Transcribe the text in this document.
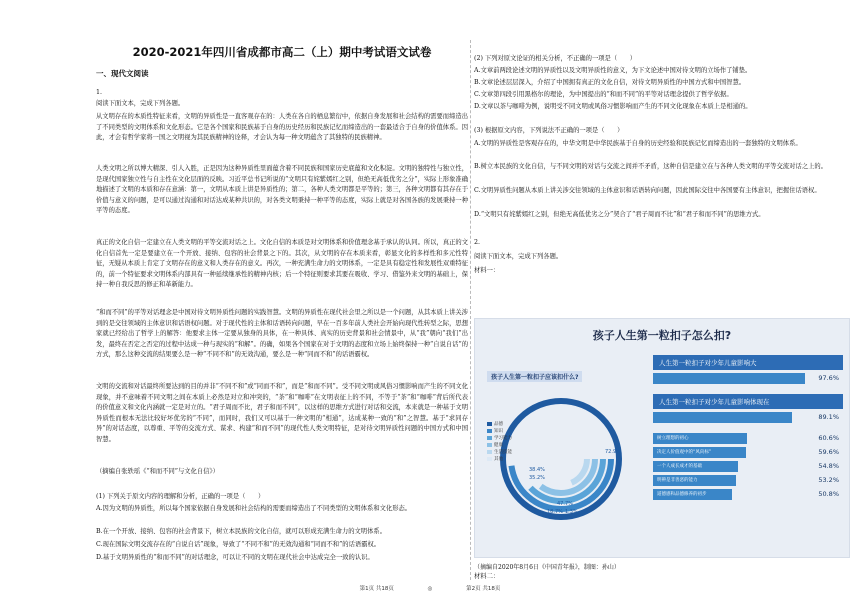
2020-2021年四川省成都市高二（上）期中考试语文试卷
一、现代文阅读

1.

阅读下面文本，完成下列各题。

从文明存在的本质性特征来看，文明的异质性是一直客观存在的：人类在各自的栖息繁衍中，依据自身发展和社会结构的需要而缔造出了不同类型的文明体系和文化形态。它是各个国家和民族基于自身的历史经历和民族记忆而缔造出的一套最适合于自身的价值体系。因此，才会有哲学家将一国之文明视为其民族精神的诠释，才会认为每一种文明蕴含了其独特的民族精神。

人类文明之所以博大精深、引人入胜，正是因为这种异质性里面蕴含着不同民族和国家历史底蕴和文化积淀。文明的独特性与独立性，是现代国家独立性与自主性在文化层面的反映。习近平总书记所说的“文明只有姹紫嫣红之别，但绝无高低优劣之分”，实际上形象准确地描述了文明的本质和存在意涵：第一，文明从本质上讲是异质性的；第二，各种人类文明都是平等的；第三，各种文明都有其存在于价值与意义的问题，是可以通过沟通和对话达成某种共识的，对各类文明秉持一种平等的态度，实际上就是对各国各族的发展秉持一种平等的态度。

真正的文化自信一定建立在人类文明的平等交流对话之上。文化自信的本质是对文明体系和价值理念基于承认的认同。所以，真正的文化自信首先一定是要建立在一个开放、接纳、包容的社会背景之下的。其次，从文明的存在本质来看，彰显文化的多样性和多元性特征，无疑从本质上肯定了文明存在的意义和人类存在的意义。再次，一种充满生命力的文明体系，一定是具有稳定性和发展性双重特征的，前一个特征要求文明体系内部具有一种延续继承性的精神内核；后一个特征则要求其要在吸收、学习、借鉴外来文明的基础上，保持一种自我反思的修正和革新能力。

“和而不同”的平等对话理念是中国对待文明异质性问题的实践智慧。文明的异质性在现代社会里之所以是一个问题，从其本质上讲关涉到的是交往领域的主体意识和话语权问题。对于现代性的主体和话语转向问题，早在一百多年前人类社会开始向现代性转型之际，思想家就已经给出了哲学上的解答：他要求主体一定要从独身的具体，在一种具体、真实的历史背景和社会情景中，从“我”朝向“我们”出发，最终在否定之否定的过程中达成一种与现实的“和解”。的确，如果各个国家在对于文明的态度和立场上始终保持一种“自说自话”的方式，那么这种交流的结果要么是一种“不同不和”的无效沟通，要么是一种“同而不和”的话语霸权。

文明的交流和对话最终所要达到的目的并非“不同不和”或“同而不和”，而是“和而不同”。受不同文明或风俗习惯影响而产生的不同文化现象，并不意味着不同文明之间在本质上必然是对立和冲突的，“茶”和“咖啡”在文明表征上的不同，不等于“茶”和“咖啡”背后所代表的价值意义和文化内涵就一定是对立的。“君子周而不比，君子和而不同”，以这样的思维方式进行对话和交流，本来就是一种基于文明异质性而根本无法比较好坏优劣的“不同”，而同时，我们又可以基于一种文明的“相通”，达成某种一致的“和”之智慧。基于“求同存异”的对话态度，以尊重、平等的交流方式、谋求、构建“和而不同”的现代性人类文明特征，是对待文明异质性问题的中国方式和中国智慧。

（摘编自张轶瑶《“和而不同”与文化自信》）

(1) 下列关于原文内容的理解和分析，正确的一项是（　　）

A.因为文明的异质性，所以每个国家依据自身发展和社会结构的需要而缔造出了不同类型的文明体系和文化形态。

B.在一个开放、接纳、包容的社会背景下，树立本民族的文化自信，就可以形成充满生命力的文明体系。

C.现在国际文明交流存在的“自说自话”现象，导致了“不同不和”的无效沟通和“同而不和”的话语霸权。

D.基于文明异质性的“和而不同”的对话理念，可以让不同的文明在现代社会中达成完全一致的认识。

(2) 下列对原文论证的相关分析，不正确的一项是（　　）

A.文章前两段论述文明的异质性以及文明异质性的意义，为下文论述中国对待文明的立场作了铺垫。

B.文章论述层层深入，介绍了中国拥有真正的文化自信，对待文明异质性的中国方式和中国智慧。

C.文章第四段引用黑格尔的理论，为中国提出的“和而不同”的平等对话理念提供了哲学依据。

D.文章以茶与咖啡为例，说明受不同文明或风俗习惯影响而产生的不同文化现象在本质上是相通的。

(3) 根据原文内容，下列说法不正确的一项是（　　）

A.文明的异质性是客观存在的，中华文明是中华民族基于自身的历史经验和民族记忆而缔造出的一套独特的文明体系。

B.树立本民族的文化自信，与不同文明的对话与交流之间并不矛盾，这种自信是建立在与各种人类文明的平等交流对话之上的。

C.文明异质性问题从本质上讲关涉交往领域的主体意识和话语转向问题，因此国际交往中各国要有主体意识，把握住话语权。

D.“文明只有姹紫嫣红之别，但绝无高低优劣之分”契合了“君子周而不比”和“君子和而不同”的思维方式。

2.

阅读下面文本，完成下列各题。

材料一：

孩子人生第一粒扣子怎么扣?
72.9%
47.7%
38.4%
35.2%
18.7% 1.3%
孩子人生第一粒扣子应该扣什么?
品德
知识
学习能力
健康
生活技能
其他
人生第一粒扣子对少年儿童影响大
97.6%
人生第一粒扣子对少年儿童影响体现在
89.1%
树立理想的初心	60.6%
决定人价值观中的“风向标”	59.6%
一个人成长成才的基础	54.8%
明辨是非善恶的能力	53.2%
道德感和品德修养的初步	50.8%
（摘编自2020年8月6日《中国青年报》，制图：孙山）

材料二：

第1页 共18页	◎	第2页 共18页
